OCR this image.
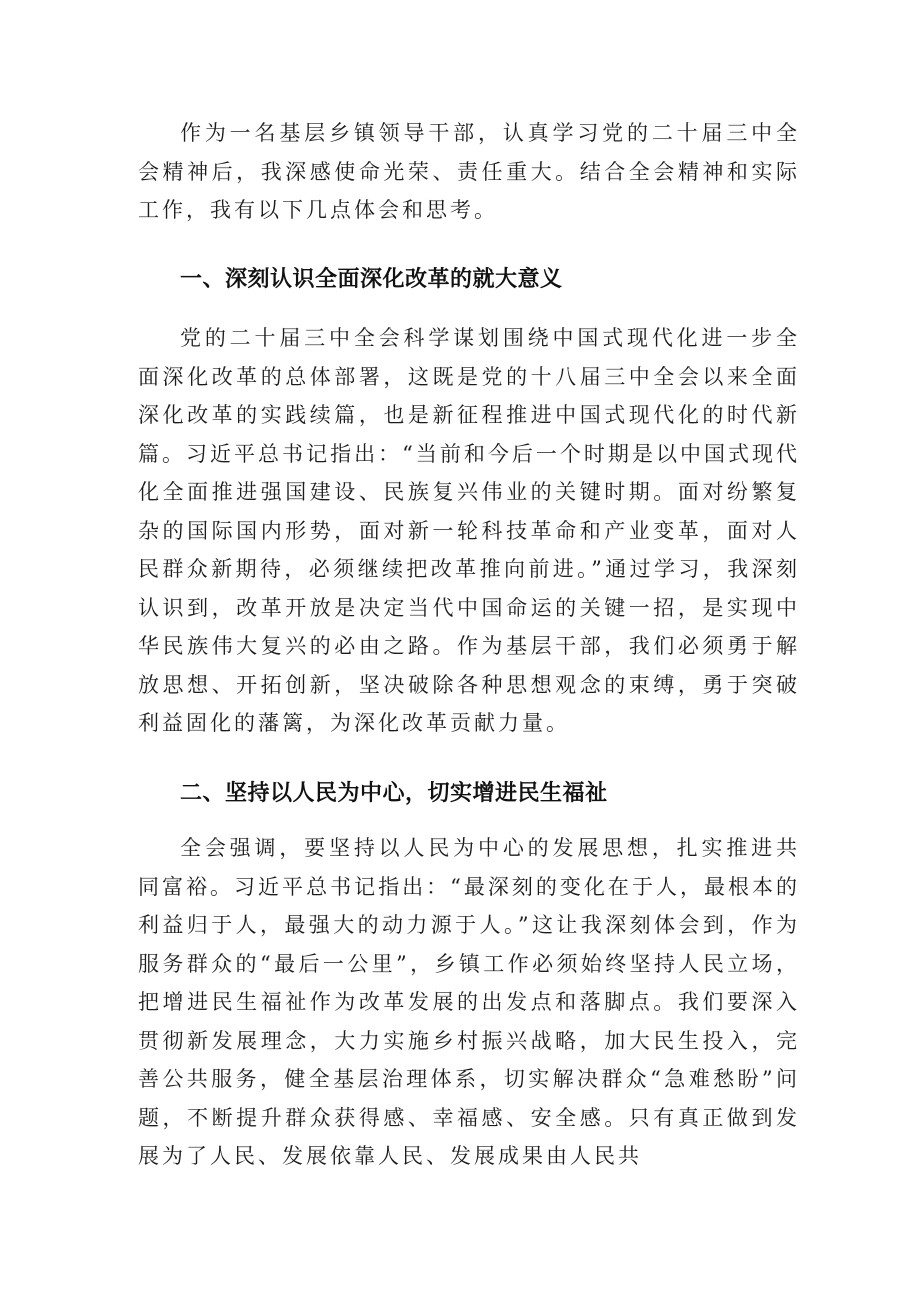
作为一名基层乡镇领导干部，认真学习党的二十届三中全会精神后，我深感使命光荣、责任重大。结合全会精神和实际工作，我有以下几点体会和思考。

一、深刻认识全面深化改革的就大意义

党的二十届三中全会科学谋划围绕中国式现代化进一步全面深化改革的总体部署，这既是党的十八届三中全会以来全面深化改革的实践续篇，也是新征程推进中国式现代化的时代新篇。习近平总书记指出：“当前和今后一个时期是以中国式现代化全面推进强国建设、民族复兴伟业的关键时期。面对纷繁复杂的国际国内形势，面对新一轮科技革命和产业变革，面对人民群众新期待，必须继续把改革推向前进。”通过学习，我深刻认识到，改革开放是决定当代中国命运的关键一招，是实现中华民族伟大复兴的必由之路。作为基层干部，我们必须勇于解放思想、开拓创新，坚决破除各种思想观念的束缚，勇于突破利益固化的藩篱，为深化改革贡献力量。

二、坚持以人民为中心，切实增进民生福祉

全会强调，要坚持以人民为中心的发展思想，扎实推进共同富裕。习近平总书记指出：“最深刻的变化在于人，最根本的利益归于人，最强大的动力源于人。”这让我深刻体会到，作为服务群众的“最后一公里”，乡镇工作必须始终坚持人民立场，把增进民生福祉作为改革发展的出发点和落脚点。我们要深入贯彻新发展理念，大力实施乡村振兴战略，加大民生投入，完善公共服务，健全基层治理体系，切实解决群众“急难愁盼”问题，不断提升群众获得感、幸福感、安全感。只有真正做到发展为了人民、发展依靠人民、发展成果由人民共
